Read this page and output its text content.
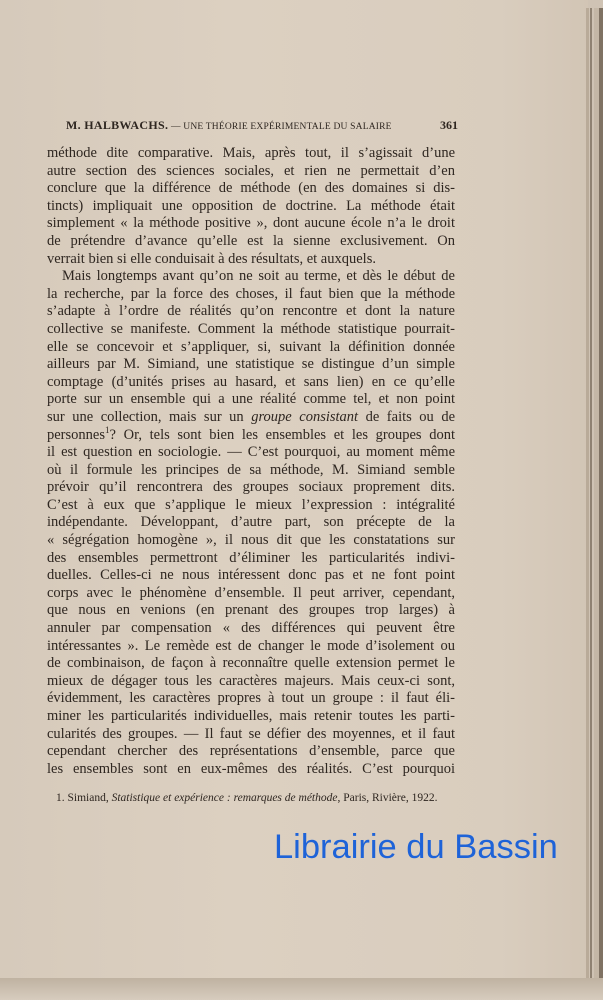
M. HALBWACHS. — UNE THÉORIE EXPÉRIMENTALE DU SALAIRE	361
méthode dite comparative. Mais, après tout, il s’agissait d’une
autre section des sciences sociales, et rien ne permettait d’en
conclure que la différence de méthode (en des domaines si dis-
tincts) impliquait une opposition de doctrine. La méthode était
simplement « la méthode positive », dont aucune école n’a le droit
de prétendre d’avance qu’elle est la sienne exclusivement. On
verrait bien si elle conduisait à des résultats, et auxquels.
Mais longtemps avant qu’on ne soit au terme, et dès le début de
la recherche, par la force des choses, il faut bien que la méthode
s’adapte à l’ordre de réalités qu’on rencontre et dont la nature
collective se manifeste. Comment la méthode statistique pourrait-
elle se concevoir et s’appliquer, si, suivant la définition donnée
ailleurs par M. Simiand, une statistique se distingue d’un simple
comptage (d’unités prises au hasard, et sans lien) en ce qu’elle
porte sur un ensemble qui a une réalité comme tel, et non point
sur une collection, mais sur un groupe consistant de faits ou de
personnes$^1$? Or, tels sont bien les ensembles et les groupes dont
il est question en sociologie. — C’est pourquoi, au moment même
où il formule les principes de sa méthode, M. Simiand semble
prévoir qu’il rencontrera des groupes sociaux proprement dits.
C’est à eux que s’applique le mieux l’expression : intégralité
indépendante. Développant, d’autre part, son précepte de la
« ségrégation homogène », il nous dit que les constatations sur
des ensembles permettront d’éliminer les particularités indivi-
duelles. Celles-ci ne nous intéressent donc pas et ne font point
corps avec le phénomène d’ensemble. Il peut arriver, cependant,
que nous en venions (en prenant des groupes trop larges) à
annuler par compensation « des différences qui peuvent être
intéressantes ». Le remède est de changer le mode d’isolement ou
de combinaison, de façon à reconnaître quelle extension permet le
mieux de dégager tous les caractères majeurs. Mais ceux-ci sont,
évidemment, les caractères propres à tout un groupe : il faut éli-
miner les particularités individuelles, mais retenir toutes les parti-
cularités des groupes. — Il faut se défier des moyennes, et il faut
cependant chercher des représentations d’ensemble, parce que
les ensembles sont en eux-mêmes des réalités. C’est pourquoi
1. Simiand, Statistique et expérience : remarques de méthode, Paris, Rivière, 1922.
Librairie du Bassin
